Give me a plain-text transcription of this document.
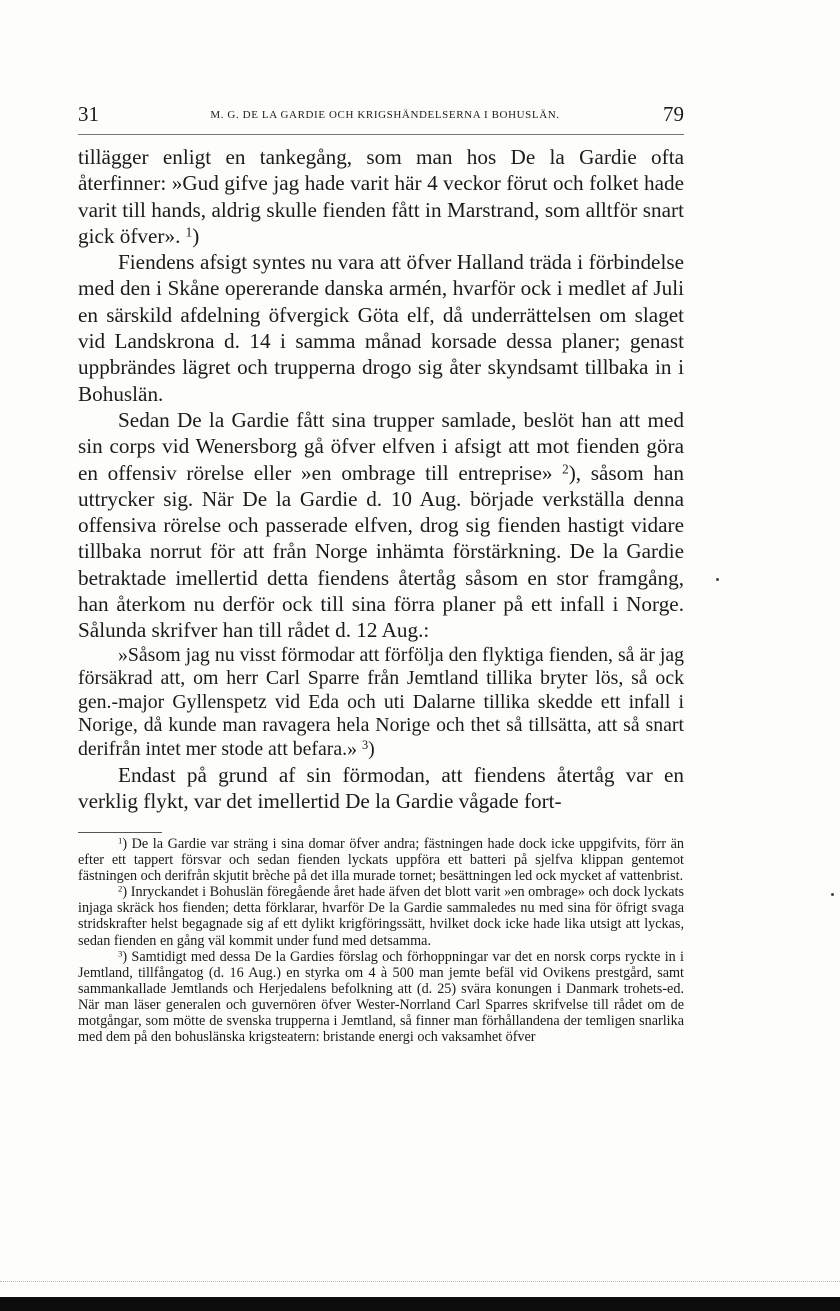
31	M. G. DE LA GARDIE OCH KRIGSHÄNDELSERNA I BOHUSLÄN.	79

tillägger enligt en tankegång, som man hos De la Gardie ofta återfinner: »Gud gifve jag hade varit här 4 veckor förut och folket hade varit till hands, aldrig skulle fienden fått in Marstrand, som alltför snart gick öfver». $^1$)

Fiendens afsigt syntes nu vara att öfver Halland träda i förbindelse med den i Skåne opererande danska armén, hvarför ock i medlet af Juli en särskild afdelning öfvergick Göta elf, då underrättelsen om slaget vid Landskrona d. 14 i samma månad korsade dessa planer; genast uppbrändes lägret och trupperna drogo sig åter skyndsamt tillbaka in i Bohuslän.

Sedan De la Gardie fått sina trupper samlade, beslöt han att med sin corps vid Wenersborg gå öfver elfven i afsigt att mot fienden göra en offensiv rörelse eller »en ombrage till entreprise» $^2$), såsom han uttrycker sig. När De la Gardie d. 10 Aug. började verkställa denna offensiva rörelse och passerade elfven, drog sig fienden hastigt vidare tillbaka norrut för att från Norge inhämta förstärkning. De la Gardie betraktade imellertid detta fiendens återtåg såsom en stor framgång, han återkom nu derför ock till sina förra planer på ett infall i Norge. Sålunda skrifver han till rådet d. 12 Aug.:

»Såsom jag nu visst förmodar att förfölja den flyktiga fienden, så är jag försäkrad att, om herr Carl Sparre från Jemtland tillika bryter lös, så ock gen.-major Gyllenspetz vid Eda och uti Dalarne tillika skedde ett infall i Norige, då kunde man ravagera hela Norige och thet så tillsätta, att så snart derifrån intet mer stode att befara.» $^3$)

Endast på grund af sin förmodan, att fiendens återtåg var en verklig flykt, var det imellertid De la Gardie vågade fort-

$^1$) De la Gardie var sträng i sina domar öfver andra; fästningen hade dock icke uppgifvits, förr än efter ett tappert försvar och sedan fienden lyckats uppföra ett batteri på sjelfva klippan gentemot fästningen och derifrån skjutit brèche på det illa murade tornet; besättningen led ock mycket af vattenbrist.

$^2$) Inryckandet i Bohuslän föregående året hade äfven det blott varit »en ombrage» och dock lyckats injaga skräck hos fienden; detta förklarar, hvarför De la Gardie sammaledes nu med sina för öfrigt svaga stridskrafter helst begagnade sig af ett dylikt krigföringssätt, hvilket dock icke hade lika utsigt att lyckas, sedan fienden en gång väl kommit under fund med detsamma.

$^3$) Samtidigt med dessa De la Gardies förslag och förhoppningar var det en norsk corps ryckte in i Jemtland, tillfångatog (d. 16 Aug.) en styrka om 4 à 500 man jemte befäl vid Ovikens prestgård, samt sammankallade Jemtlands och Herjedalens befolkning att (d. 25) svära konungen i Danmark trohets-ed. När man läser generalen och guvernören öfver Wester-Norrland Carl Sparres skrifvelse till rådet om de motgångar, som mötte de svenska trupperna i Jemtland, så finner man förhållandena der temligen snarlika med dem på den bohuslänska krigsteatern: bristande energi och vaksamhet öfver
